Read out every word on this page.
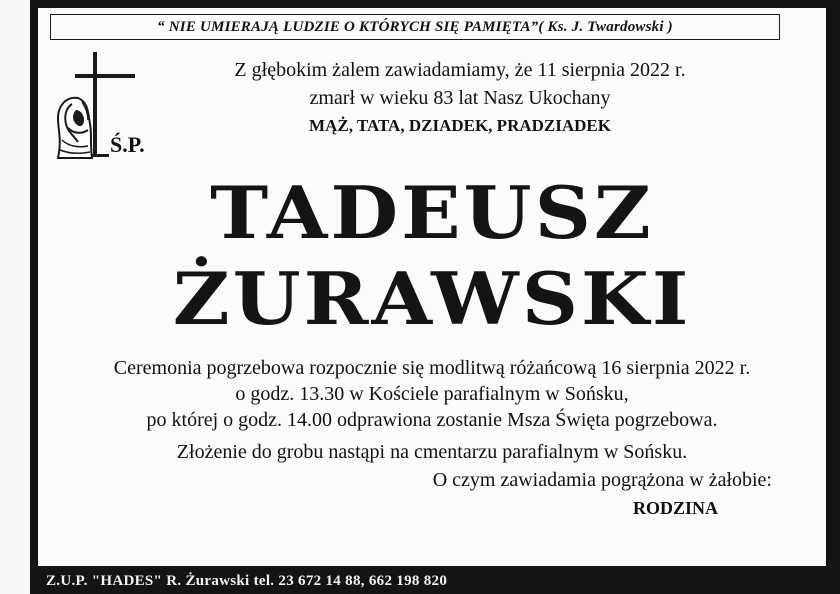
“ NIE UMIERAJĄ LUDZIE O KTÓRYCH SIĘ PAMIĘTA”( Ks. J. Twardowski )
Ś.P.
Z głębokim żalem zawiadamiamy, że 11 sierpnia 2022 r.
zmarł w wieku 83 lat Nasz Ukochany
MĄŻ, TATA, DZIADEK, PRADZIADEK
TADEUSZ
ŻURAWSKI
Ceremonia pogrzebowa rozpocznie się modlitwą różańcową 16 sierpnia 2022 r.
o godz. 13.30 w Kościele parafialnym w Sońsku,
po której o godz. 14.00 odprawiona zostanie Msza Święta pogrzebowa.
Złożenie do grobu nastąpi na cmentarzu parafialnym w Sońsku.
O czym zawiadamia pogrążona w żałobie:
RODZINA
Z.U.P. "HADES" R. Żurawski tel. 23 672 14 88, 662 198 820
